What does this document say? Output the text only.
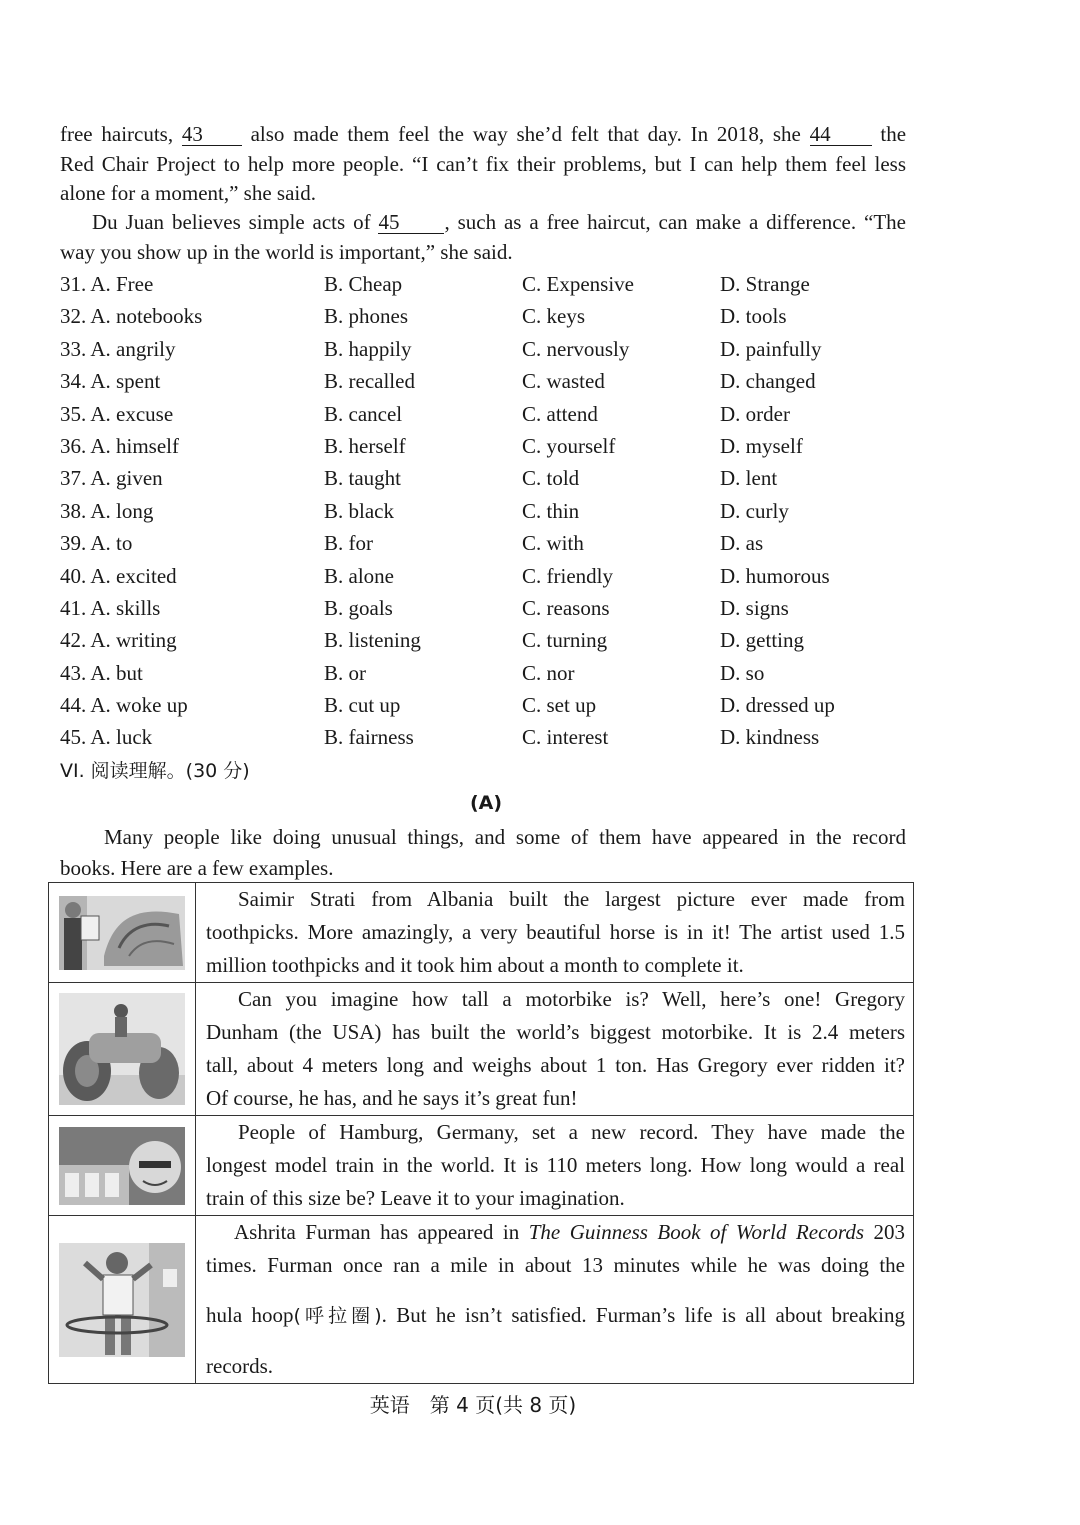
free haircuts, 43 also made them feel the way she’d felt that day. In 2018, she 44 the
Red Chair Project to help more people. “I can’t fix their problems, but I can help them feel less
alone for a moment,” she said.
Du Juan believes simple acts of 45 , such as a free haircut, can make a difference. “The
way you show up in the world is important,” she said.
31. A. Free	B. Cheap	C. Expensive	D. Strange
32. A. notebooks	B. phones	C. keys	D. tools
33. A. angrily	B. happily	C. nervously	D. painfully
34. A. spent	B. recalled	C. wasted	D. changed
35. A. excuse	B. cancel	C. attend	D. order
36. A. himself	B. herself	C. yourself	D. myself
37. A. given	B. taught	C. told	D. lent
38. A. long	B. black	C. thin	D. curly
39. A. to	B. for	C. with	D. as
40. A. excited	B. alone	C. friendly	D. humorous
41. A. skills	B. goals	C. reasons	D. signs
42. A. writing	B. listening	C. turning	D. getting
43. A. but	B. or	C. nor	D. so
44. A. woke up	B. cut up	C. set up	D. dressed up
45. A. luck	B. fairness	C. interest	D. kindness
VI. 阅读理解。(30 分)
(A)
Many people like doing unusual things, and some of them have appeared in the record
books. Here are a few examples.

Saimir Strati from Albania built the largest picture ever made from
toothpicks. More amazingly, a very beautiful horse is in it! The artist used 1.5
million toothpicks and it took him about a month to complete it.

Can you imagine how tall a motorbike is? Well, here’s one! Gregory
Dunham (the USA) has built the world’s biggest motorbike. It is 2.4 meters
tall, about 4 meters long and weighs about 1 ton. Has Gregory ever ridden it?
Of course, he has, and he says it’s great fun!

People of Hamburg, Germany, set a new record. They have made the
longest model train in the world. It is 110 meters long. How long would a real
train of this size be? Leave it to your imagination.

Ashrita Furman has appeared in The Guinness Book of World Records 203
times. Furman once ran a mile in about 13 minutes while he was doing the
hula hoop(呼拉圈). But he isn’t satisfied. Furman’s life is all about breaking
records.
英语　第 4 页(共 8 页)
